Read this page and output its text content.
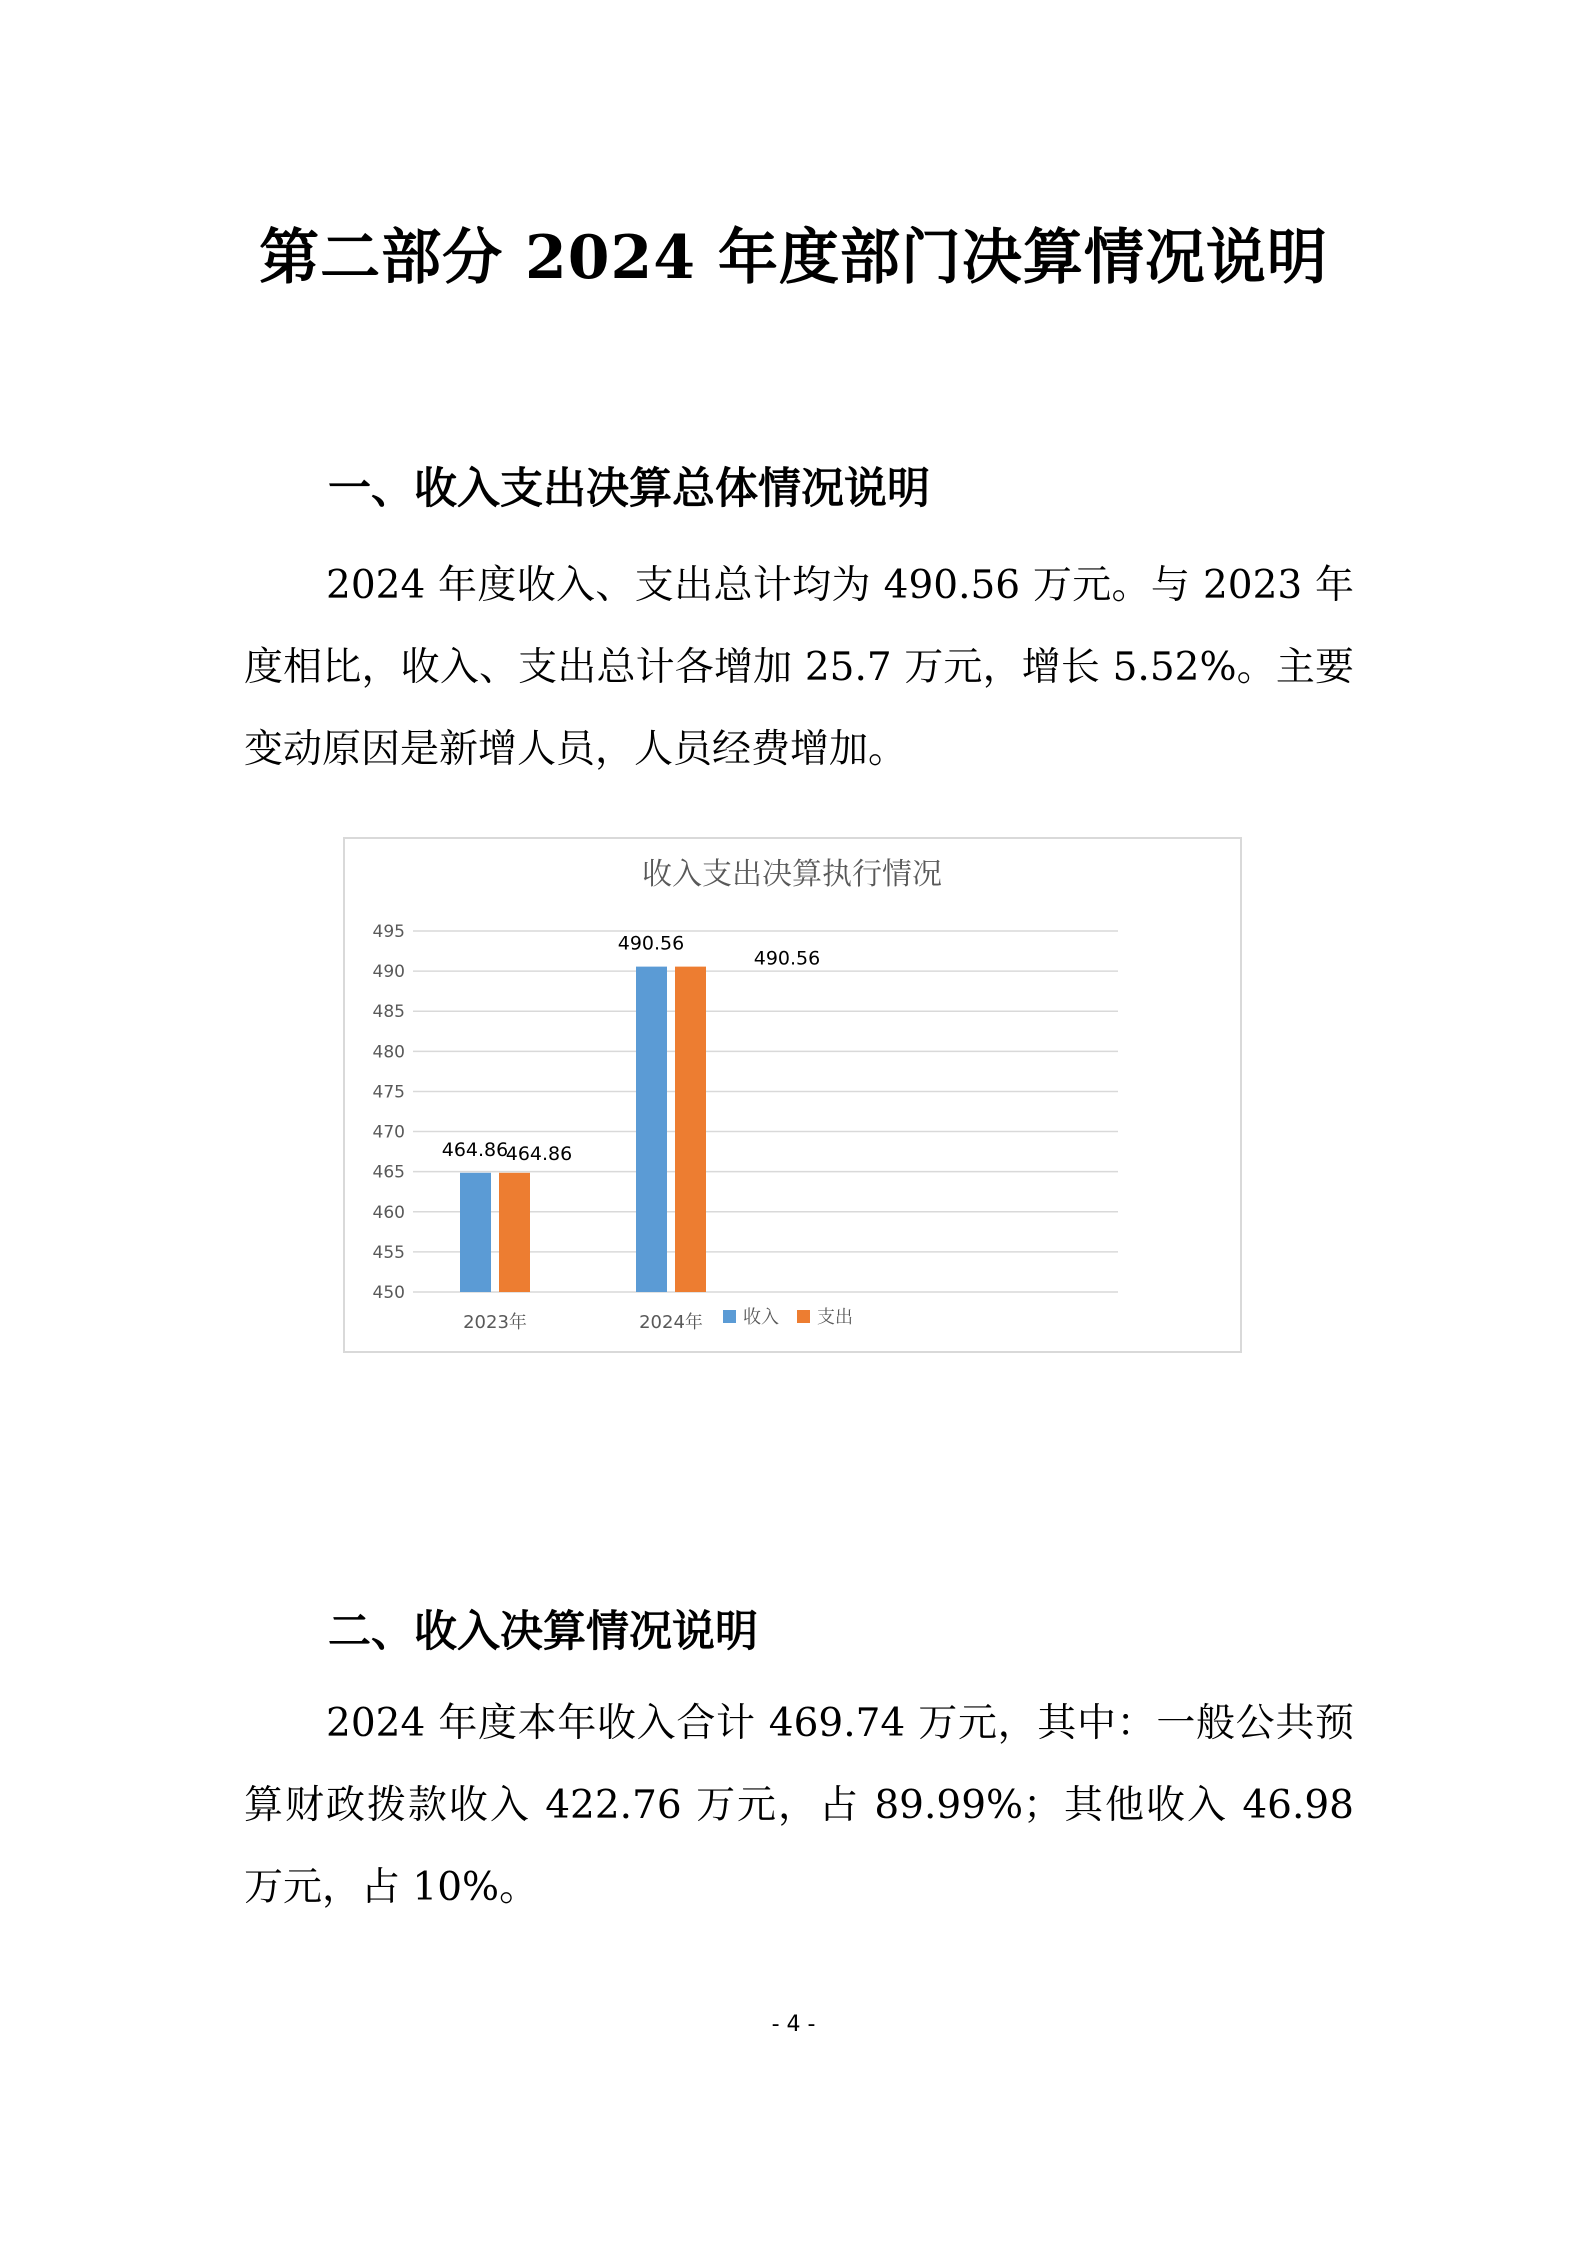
第二部分 2024 年度部门决算情况说明
一、收入支出决算总体情况说明
2024 年度收入、支出总计均为 490.56 万元。与 2023 年度相比，收入、支出总计各增加 25.7 万元，增长 5.52%。主要变动原因是新增人员，人员经费增加。
收入支出决算执行情况
495
490
485
480
475
470
465
460
455
450
464.86
464.86
490.56
490.56
2023年	2024年 收入 支出
二、收入决算情况说明
2024 年度本年收入合计 469.74 万元，其中：一般公共预算财政拨款收入 422.76 万元，占 89.99%；其他收入 46.98 万元，占 10%。
- 4 -
